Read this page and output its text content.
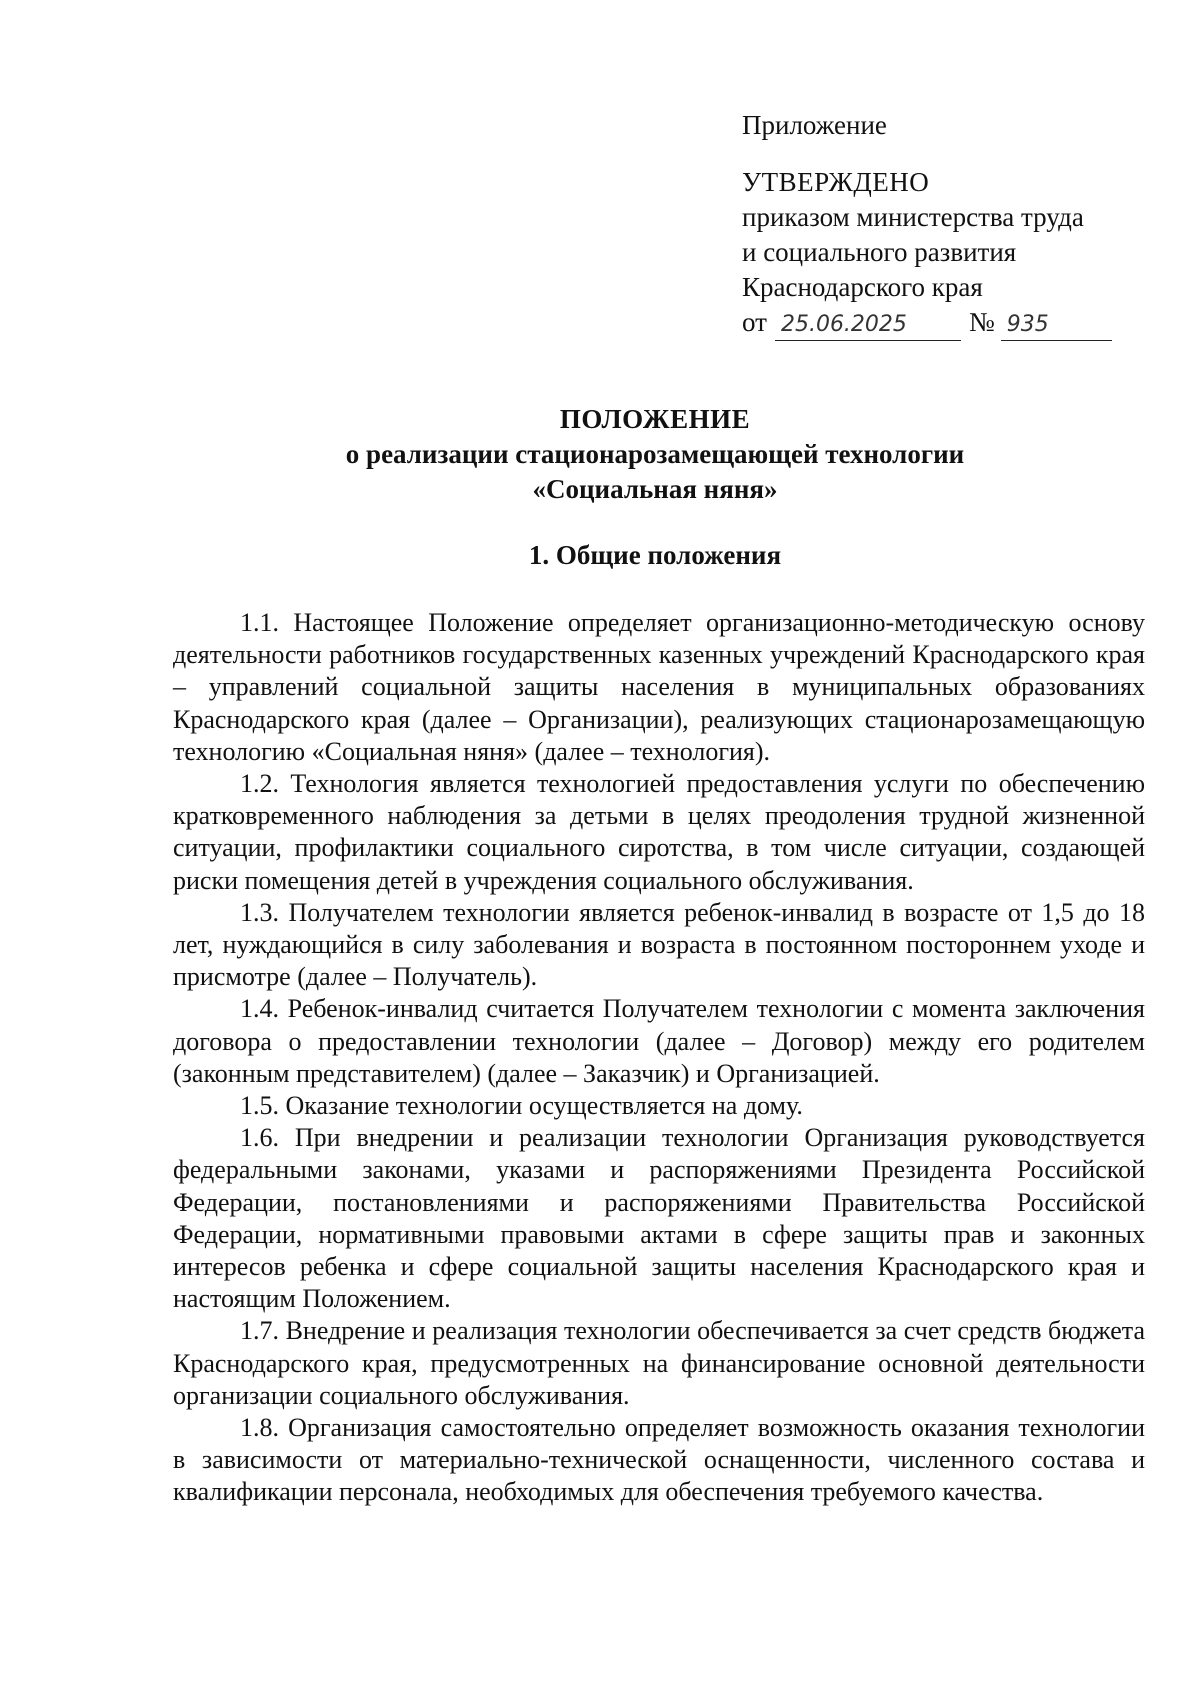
Приложение
УТВЕРЖДЕНО
приказом министерства труда
и социального развития
Краснодарского края
от 25.06.2025	№ 935
ПОЛОЖЕНИЕ
о реализации стационарозамещающей технологии
«Социальная няня»
1. Общие положения

1.1. Настоящее Положение определяет организационно-методическую основу деятельности работников государственных казенных учреждений Краснодарского края – управлений социальной защиты населения в муниципальных образованиях Краснодарского края (далее – Организации), реализующих стационарозамещающую технологию «Социальная няня» (далее – технология).

1.2. Технология является технологией предоставления услуги по обеспечению кратковременного наблюдения за детьми в целях преодоления трудной жизненной ситуации, профилактики социального сиротства, в том числе ситуации, создающей риски помещения детей в учреждения социального обслуживания.

1.3. Получателем технологии является ребенок-инвалид в возрасте от 1,5 до 18 лет, нуждающийся в силу заболевания и возраста в постоянном постороннем уходе и присмотре (далее – Получатель).

1.4. Ребенок-инвалид считается Получателем технологии с момента заключения договора о предоставлении технологии (далее – Договор) между его родителем (законным представителем) (далее – Заказчик) и Организацией.

1.5. Оказание технологии осуществляется на дому.

1.6. При внедрении и реализации технологии Организация руководствуется федеральными законами, указами и распоряжениями Президента Российской Федерации, постановлениями и распоряжениями Правительства Российской Федерации, нормативными правовыми актами в сфере защиты прав и законных интересов ребенка и сфере социальной защиты населения Краснодарского края и настоящим Положением.

1.7. Внедрение и реализация технологии обеспечивается за счет средств бюджета Краснодарского края, предусмотренных на финансирование основной деятельности организации социального обслуживания.

1.8. Организация самостоятельно определяет возможность оказания технологии в зависимости от материально-технической оснащенности, численного состава и квалификации персонала, необходимых для обеспечения требуемого качества.
